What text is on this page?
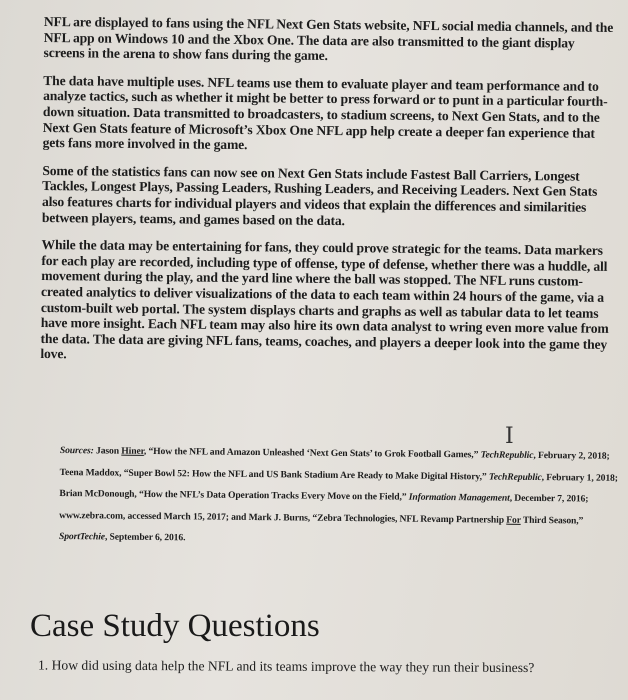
NFL are displayed to fans using the NFL Next Gen Stats website, NFL social media channels, and the NFL app on Windows 10 and the Xbox One. The data are also transmitted to the giant display screens in the arena to show fans during the game.

The data have multiple uses. NFL teams use them to evaluate player and team performance and to analyze tactics, such as whether it might be better to press forward or to punt in a particular fourth-down situation. Data transmitted to broadcasters, to stadium screens, to Next Gen Stats, and to the Next Gen Stats feature of Microsoft’s Xbox One NFL app help create a deeper fan experience that gets fans more involved in the game.

Some of the statistics fans can now see on Next Gen Stats include Fastest Ball Carriers, Longest Tackles, Longest Plays, Passing Leaders, Rushing Leaders, and Receiving Leaders. Next Gen Stats also features charts for individual players and videos that explain the differences and similarities between players, teams, and games based on the data.

While the data may be entertaining for fans, they could prove strategic for the teams. Data markers for each play are recorded, including type of offense, type of defense, whether there was a huddle, all movement during the play, and the yard line where the ball was stopped. The NFL runs custom-created analytics to deliver visualizations of the data to each team within 24 hours of the game, via a custom-built web portal. The system displays charts and graphs as well as tabular data to let teams have more insight. Each NFL team may also hire its own data analyst to wring even more value from the data. The data are giving NFL fans, teams, coaches, and players a deeper look into the game they love.

I
Sources: Jason Hiner, “How the NFL and Amazon Unleashed ‘Next Gen Stats’ to Grok Football Games,” TechRepublic, February 2, 2018; Teena Maddox, “Super Bowl 52: How the NFL and US Bank Stadium Are Ready to Make Digital History,” TechRepublic, February 1, 2018; Brian McDonough, “How the NFL’s Data Operation Tracks Every Move on the Field,” Information Management, December 7, 2016; www.zebra.com, accessed March 15, 2017; and Mark J. Burns, “Zebra Technologies, NFL Revamp Partnership For Third Season,” SportTechie, September 6, 2016.
Case Study Questions
1. How did using data help the NFL and its teams improve the way they run their business?
